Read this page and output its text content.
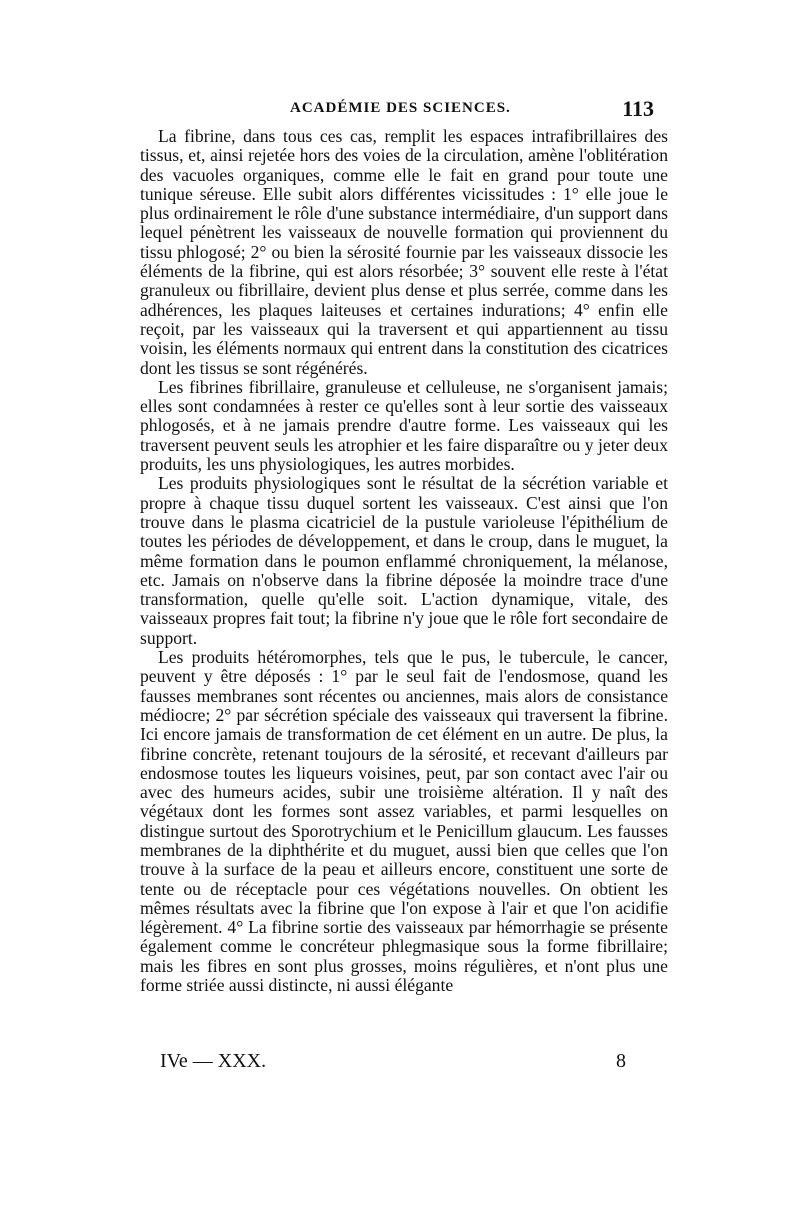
ACADÉMIE DES SCIENCES.	113

La fibrine, dans tous ces cas, remplit les espaces intrafibrillaires des tissus, et, ainsi rejetée hors des voies de la circulation, amène l'oblitération des vacuoles organiques, comme elle le fait en grand pour toute une tunique séreuse. Elle subit alors différentes vicissitudes : 1° elle joue le plus ordinairement le rôle d'une substance intermédiaire, d'un support dans lequel pénètrent les vaisseaux de nouvelle formation qui proviennent du tissu phlogosé; 2° ou bien la sérosité fournie par les vaisseaux dissocie les éléments de la fibrine, qui est alors résorbée; 3° souvent elle reste à l'état granuleux ou fibrillaire, devient plus dense et plus serrée, comme dans les adhérences, les plaques laiteuses et certaines indurations; 4° enfin elle reçoit, par les vaisseaux qui la traversent et qui appartiennent au tissu voisin, les éléments normaux qui entrent dans la constitution des cicatrices dont les tissus se sont régénérés.

Les fibrines fibrillaire, granuleuse et celluleuse, ne s'organisent jamais; elles sont condamnées à rester ce qu'elles sont à leur sortie des vaisseaux phlogosés, et à ne jamais prendre d'autre forme. Les vaisseaux qui les traversent peuvent seuls les atrophier et les faire disparaître ou y jeter deux produits, les uns physiologiques, les autres morbides.

Les produits physiologiques sont le résultat de la sécrétion variable et propre à chaque tissu duquel sortent les vaisseaux. C'est ainsi que l'on trouve dans le plasma cicatriciel de la pustule varioleuse l'épithélium de toutes les périodes de développement, et dans le croup, dans le muguet, la même formation dans le poumon enflammé chroniquement, la mélanose, etc. Jamais on n'observe dans la fibrine déposée la moindre trace d'une transformation, quelle qu'elle soit. L'action dynamique, vitale, des vaisseaux propres fait tout; la fibrine n'y joue que le rôle fort secondaire de support.

Les produits hétéromorphes, tels que le pus, le tubercule, le cancer, peuvent y être déposés : 1° par le seul fait de l'endosmose, quand les fausses membranes sont récentes ou anciennes, mais alors de consistance médiocre; 2° par sécrétion spéciale des vaisseaux qui traversent la fibrine. Ici encore jamais de transformation de cet élément en un autre. De plus, la fibrine concrète, retenant toujours de la sérosité, et recevant d'ailleurs par endosmose toutes les liqueurs voisines, peut, par son contact avec l'air ou avec des humeurs acides, subir une troisième altération. Il y naît des végétaux dont les formes sont assez variables, et parmi lesquelles on distingue surtout des Sporotrychium et le Penicillum glaucum. Les fausses membranes de la diphthérite et du muguet, aussi bien que celles que l'on trouve à la surface de la peau et ailleurs encore, constituent une sorte de tente ou de réceptacle pour ces végétations nouvelles. On obtient les mêmes résultats avec la fibrine que l'on expose à l'air et que l'on acidifie légèrement. 4° La fibrine sortie des vaisseaux par hémorrhagie se présente également comme le concréteur phlegmasique sous la forme fibrillaire; mais les fibres en sont plus grosses, moins régulières, et n'ont plus une forme striée aussi distincte, ni aussi élégante

IVe — XXX.	8
